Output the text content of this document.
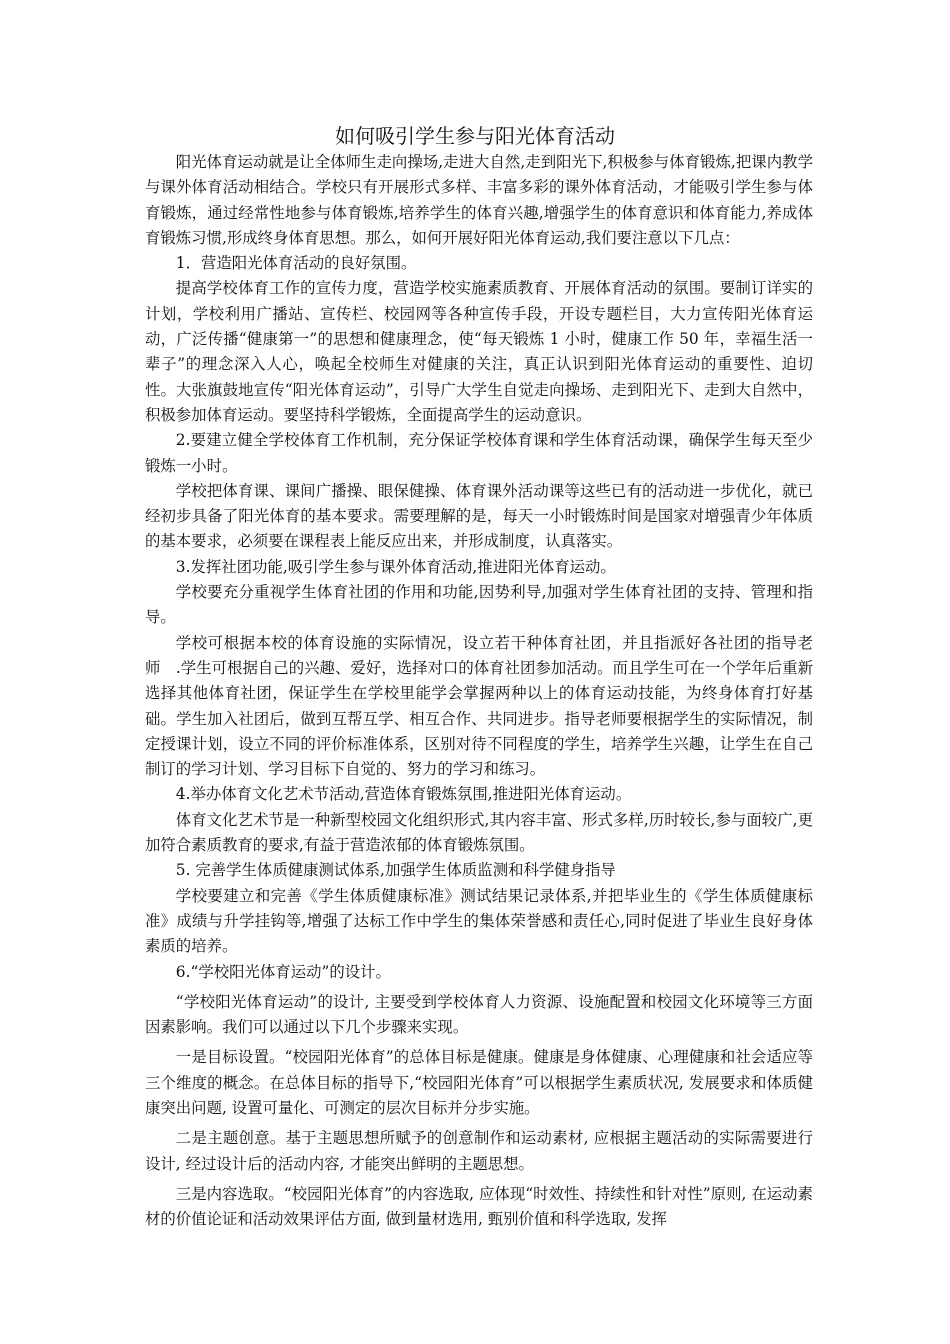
如何吸引学生参与阳光体育活动

阳光体育运动就是让全体师生走向操场,走进大自然,走到阳光下,积极参与体育锻炼,把课内教学与课外体育活动相结合。学校只有开展形式多样、丰富多彩的课外体育活动，才能吸引学生参与体育锻炼，通过经常性地参与体育锻炼,培养学生的体育兴趣,增强学生的体育意识和体育能力,养成体育锻炼习惯,形成终身体育思想。那么，如何开展好阳光体育运动,我们要注意以下几点：

1．营造阳光体育活动的良好氛围。

提高学校体育工作的宣传力度，营造学校实施素质教育、开展体育活动的氛围。要制订详实的计划，学校利用广播站、宣传栏、校园网等各种宣传手段，开设专题栏目，大力宣传阳光体育运动，广泛传播“健康第一”的思想和健康理念，使“每天锻炼 1 小时，健康工作 50 年，幸福生活一辈子”的理念深入人心，唤起全校师生对健康的关注，真正认识到阳光体育运动的重要性、迫切性。大张旗鼓地宣传“阳光体育运动”，引导广大学生自觉走向操场、走到阳光下、走到大自然中，积极参加体育运动。要坚持科学锻炼，全面提高学生的运动意识。

2.要建立健全学校体育工作机制，充分保证学校体育课和学生体育活动课，确保学生每天至少锻炼一小时。

学校把体育课、课间广播操、眼保健操、体育课外活动课等这些已有的活动进一步优化，就已经初步具备了阳光体育的基本要求。需要理解的是，每天一小时锻炼时间是国家对增强青少年体质的基本要求，必须要在课程表上能反应出来，并形成制度，认真落实。

3.发挥社团功能,吸引学生参与课外体育活动,推进阳光体育运动。

学校要充分重视学生体育社团的作用和功能,因势利导,加强对学生体育社团的支持、管理和指导。

学校可根据本校的体育设施的实际情况，设立若干种体育社团，并且指派好各社团的指导老师　.学生可根据自己的兴趣、爱好，选择对口的体育社团参加活动。而且学生可在一个学年后重新选择其他体育社团，保证学生在学校里能学会掌握两种以上的体育运动技能，为终身体育打好基础。学生加入社团后，做到互帮互学、相互合作、共同进步。指导老师要根据学生的实际情况，制定授课计划，设立不同的评价标准体系，区别对待不同程度的学生，培养学生兴趣，让学生在自己制订的学习计划、学习目标下自觉的、努力的学习和练习。

4.举办体育文化艺术节活动,营造体育锻炼氛围,推进阳光体育运动。

体育文化艺术节是一种新型校园文化组织形式,其内容丰富、形式多样,历时较长,参与面较广,更加符合素质教育的要求,有益于营造浓郁的体育锻炼氛围。

5. 完善学生体质健康测试体系,加强学生体质监测和科学健身指导

学校要建立和完善《学生体质健康标准》测试结果记录体系,并把毕业生的《学生体质健康标准》成绩与升学挂钩等,增强了达标工作中学生的集体荣誉感和责任心,同时促进了毕业生良好身体素质的培养。

6.“学校阳光体育运动”的设计。

“学校阳光体育运动”的设计, 主要受到学校体育人力资源、设施配置和校园文化环境等三方面因素影响。我们可以通过以下几个步骤来实现。

一是目标设置。“校园阳光体育”的总体目标是健康。健康是身体健康、心理健康和社会适应等三个维度的概念。在总体目标的指导下,“校园阳光体育”可以根据学生素质状况, 发展要求和体质健康突出问题, 设置可量化、可测定的层次目标并分步实施。

二是主题创意。基于主题思想所赋予的创意制作和运动素材, 应根据主题活动的实际需要进行设计, 经过设计后的活动内容, 才能突出鲜明的主题思想。

三是内容选取。“校园阳光体育”的内容选取, 应体现“时效性、持续性和针对性”原则, 在运动素材的价值论证和活动效果评估方面, 做到量材选用, 甄别价值和科学选取, 发挥
